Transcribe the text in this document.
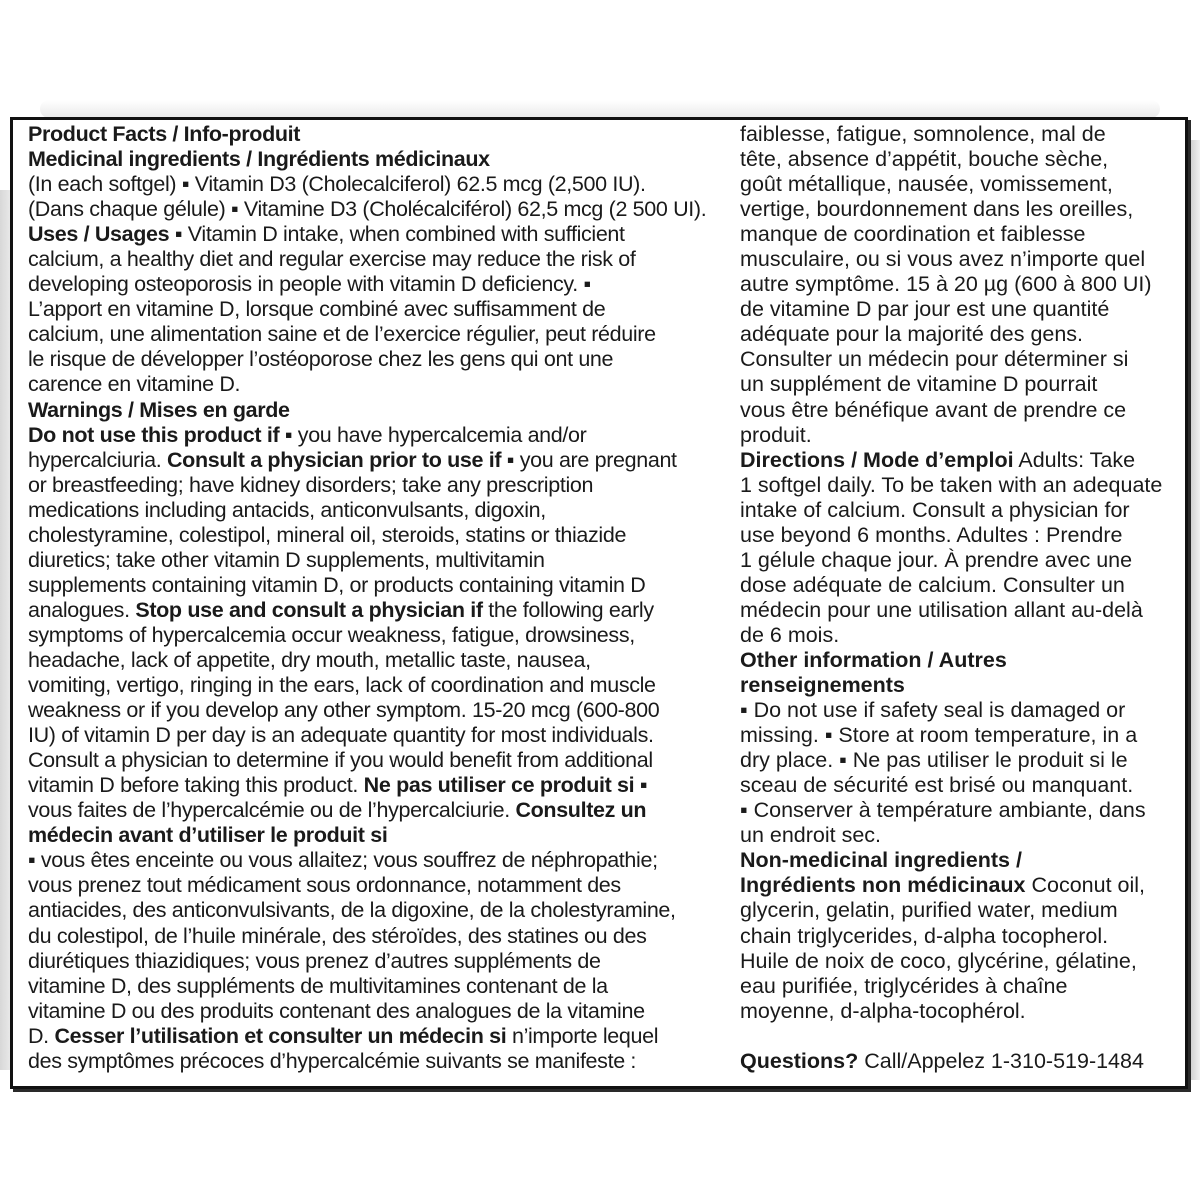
Product Facts / Info-produit
Medicinal ingredients / Ingrédients médicinaux
(In each softgel) ▪ Vitamin D3 (Cholecalciferol) 62.5 mcg (2,500 IU).
(Dans chaque gélule) ▪ Vitamine D3 (Cholécalciférol) 62,5 mcg (2 500 UI).
Uses / Usages ▪ Vitamin D intake, when combined with sufficient
calcium, a healthy diet and regular exercise may reduce the risk of
developing osteoporosis in people with vitamin D deficiency. ▪
L’apport en vitamine D, lorsque combiné avec suffisamment de
calcium, une alimentation saine et de l’exercice régulier, peut réduire
le risque de développer l’ostéoporose chez les gens qui ont une
carence en vitamine D.
Warnings / Mises en garde
Do not use this product if ▪ you have hypercalcemia and/or
hypercalciuria. Consult a physician prior to use if ▪ you are pregnant
or breastfeeding; have kidney disorders; take any prescription
medications including antacids, anticonvulsants, digoxin,
cholestyramine, colestipol, mineral oil, steroids, statins or thiazide
diuretics; take other vitamin D supplements, multivitamin
supplements containing vitamin D, or products containing vitamin D
analogues. Stop use and consult a physician if the following early
symptoms of hypercalcemia occur weakness, fatigue, drowsiness,
headache, lack of appetite, dry mouth, metallic taste, nausea,
vomiting, vertigo, ringing in the ears, lack of coordination and muscle
weakness or if you develop any other symptom. 15-20 mcg (600-800
IU) of vitamin D per day is an adequate quantity for most individuals.
Consult a physician to determine if you would benefit from additional
vitamin D before taking this product. Ne pas utiliser ce produit si ▪
vous faites de l’hypercalcémie ou de l’hypercalciurie. Consultez un
médecin avant d’utiliser le produit si
▪ vous êtes enceinte ou vous allaitez; vous souffrez de néphropathie;
vous prenez tout médicament sous ordonnance, notamment des
antiacides, des anticonvulsivants, de la digoxine, de la cholestyramine,
du colestipol, de l’huile minérale, des stéroïdes, des statines ou des
diurétiques thiazidiques; vous prenez d’autres suppléments de
vitamine D, des suppléments de multivitamines contenant de la
vitamine D ou des produits contenant des analogues de la vitamine
D. Cesser l’utilisation et consulter un médecin si n’importe lequel
des symptômes précoces d’hypercalcémie suivants se manifeste :
faiblesse, fatigue, somnolence, mal de
tête, absence d’appétit, bouche sèche,
goût métallique, nausée, vomissement,
vertige, bourdonnement dans les oreilles,
manque de coordination et faiblesse
musculaire, ou si vous avez n’importe quel
autre symptôme. 15 à 20 µg (600 à 800 UI)
de vitamine D par jour est une quantité
adéquate pour la majorité des gens.
Consulter un médecin pour déterminer si
un supplément de vitamine D pourrait
vous être bénéfique avant de prendre ce
produit.
Directions / Mode d’emploi Adults: Take
1 softgel daily. To be taken with an adequate
intake of calcium. Consult a physician for
use beyond 6 months. Adultes : Prendre
1 gélule chaque jour. À prendre avec une
dose adéquate de calcium. Consulter un
médecin pour une utilisation allant au-delà
de 6 mois.
Other information / Autres
renseignements
▪ Do not use if safety seal is damaged or
missing. ▪ Store at room temperature, in a
dry place. ▪ Ne pas utiliser le produit si le
sceau de sécurité est brisé ou manquant.
▪ Conserver à température ambiante, dans
un endroit sec.
Non-medicinal ingredients /
Ingrédients non médicinaux Coconut oil,
glycerin, gelatin, purified water, medium
chain triglycerides, d-alpha tocopherol.
Huile de noix de coco, glycérine, gélatine,
eau purifiée, triglycérides à chaîne
moyenne, d-alpha-tocophérol.
Questions? Call/Appelez 1-310-519-1484
